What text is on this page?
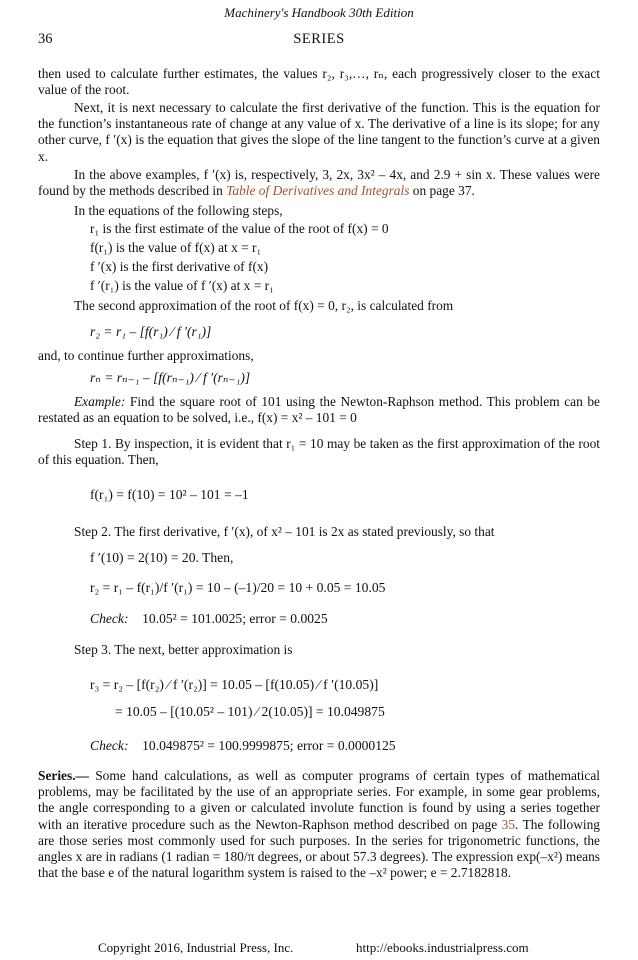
Machinery's Handbook 30th Edition
36	SERIES

then used to calculate further estimates, the values r₂, r₃,…, rₙ, each progressively closer to the exact value of the root.

Next, it is next necessary to calculate the first derivative of the function. This is the equation for the function’s instantaneous rate of change at any value of x. The derivative of a line is its slope; for any other curve, f ′(x) is the equation that gives the slope of the line tangent to the function’s curve at a given x.

In the above examples, f ′(x) is, respectively, 3, 2x, 3x² – 4x, and 2.9 + sin x. These values were found by the methods described in Table of Derivatives and Integrals on page 37.

In the equations of the following steps,

r₁ is the first estimate of the value of the root of f(x) = 0

f(r₁) is the value of f(x) at x = r₁

f ′(x) is the first derivative of f(x)

f ′(r₁) is the value of f ′(x) at x = r₁

The second approximation of the root of f(x) = 0, r₂, is calculated from

r₂ = r₁ – [f(r₁) ⁄ f ′(r₁)]

and, to continue further approximations,

rₙ = rₙ₋₁ – [f(rₙ₋₁) ⁄ f ′(rₙ₋₁)]

Example: Find the square root of 101 using the Newton-Raphson method. This problem can be restated as an equation to be solved, i.e., f(x) = x² – 101 = 0

Step 1. By inspection, it is evident that r₁ = 10 may be taken as the first approximation of the root of this equation. Then,

f(r₁) = f(10) = 10² – 101 = –1

Step 2. The first derivative, f ′(x), of x² – 101 is 2x as stated previously, so that

f ′(10) = 2(10) = 20. Then,
r₂ = r₁ – f(r₁)/f ′(r₁) = 10 – (–1)/20 = 10 + 0.05 = 10.05
Check: 10.05² = 101.0025; error = 0.0025

Step 3. The next, better approximation is

r₃ = r₂ – [f(r₂) ⁄ f ′(r₂)] = 10.05 – [f(10.05) ⁄ f ′(10.05)]
= 10.05 – [(10.05² – 101) ⁄ 2(10.05)] = 10.049875
Check: 10.049875² = 100.9999875; error = 0.0000125

Series.— Some hand calculations, as well as computer programs of certain types of mathematical problems, may be facilitated by the use of an appropriate series. For example, in some gear problems, the angle corresponding to a given or calculated involute function is found by using a series together with an iterative procedure such as the Newton-Raphson method described on page 35. The following are those series most commonly used for such purposes. In the series for trigonometric functions, the angles x are in radians (1 radian = 180/π degrees, or about 57.3 degrees). The expression exp(–x²) means that the base e of the natural logarithm system is raised to the –x² power; e = 2.7182818.

Copyright 2016, Industrial Press, Inc.	http://ebooks.industrialpress.com
